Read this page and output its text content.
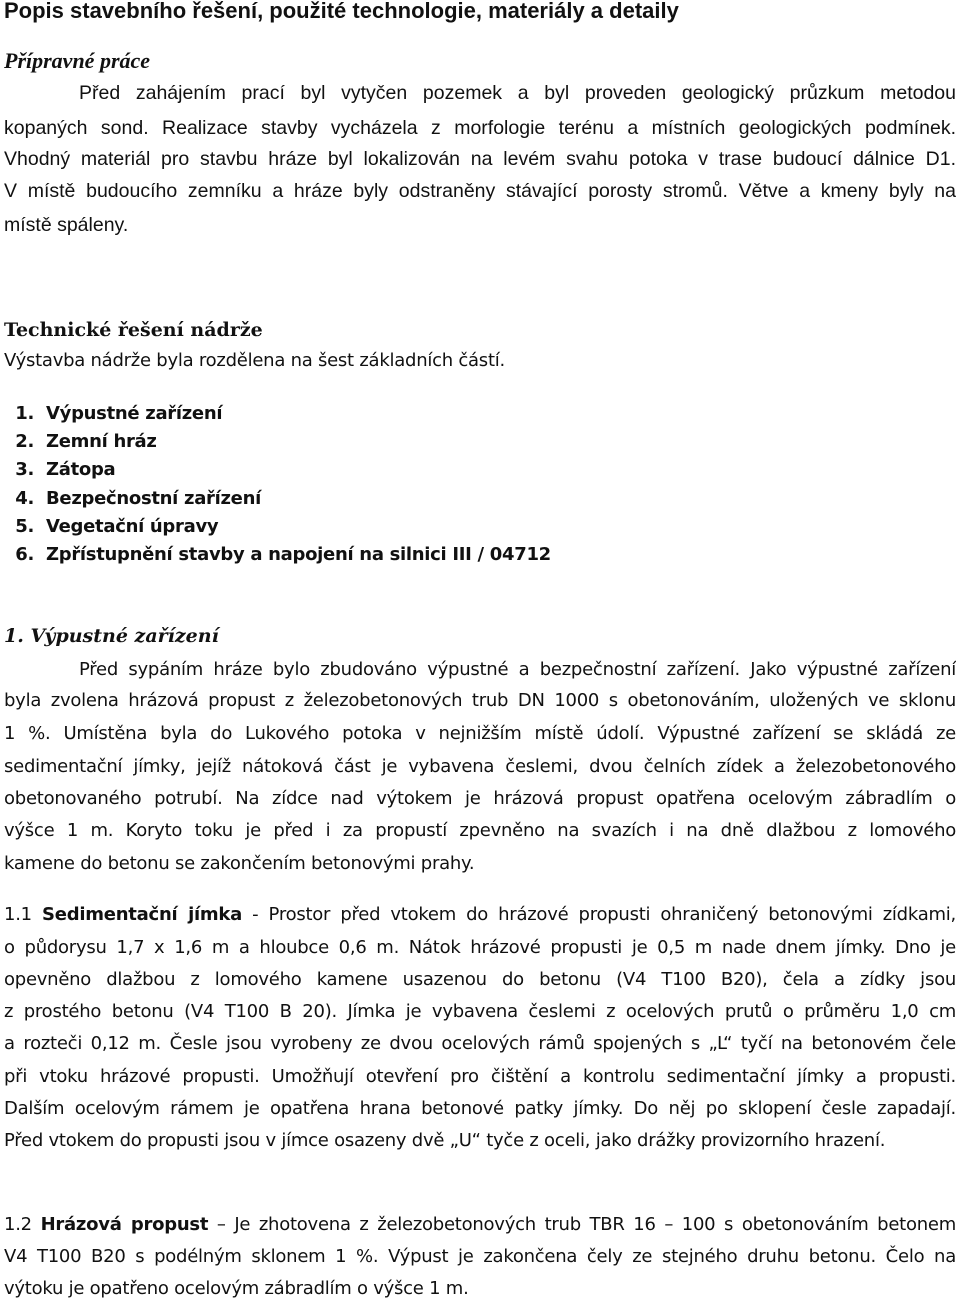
Popis stavebního řešení, použité technologie, materiály a detaily
Přípravné práce
Před zahájením prací byl vytyčen pozemek a byl proveden geologický průzkum metodou
kopaných sond. Realizace stavby vycházela z morfologie terénu a místních geologických podmínek.
Vhodný materiál pro stavbu hráze byl lokalizován na levém svahu potoka v trase budoucí dálnice D1.
V místě budoucího zemníku a hráze byly odstraněny stávající porosty stromů. Větve a kmeny byly na
místě spáleny.
Technické řešení nádrže
Výstavba nádrže byla rozdělena na šest základních částí.
1. Výpustné zařízení
2. Zemní hráz
3. Zátopa
4. Bezpečnostní zařízení
5. Vegetační úpravy
6. Zpřístupnění stavby a napojení na silnici III / 04712
1. Výpustné zařízení
Před sypáním hráze bylo zbudováno výpustné a bezpečnostní zařízení. Jako výpustné zařízení
byla zvolena hrázová propust z železobetonových trub DN 1000 s obetonováním, uložených ve sklonu
1 %. Umístěna byla do Lukového potoka v nejnižším místě údolí. Výpustné zařízení se skládá ze
sedimentační jímky, jejíž nátoková část je vybavena česlemi, dvou čelních zídek a železobetonového
obetonovaného potrubí. Na zídce nad výtokem je hrázová propust opatřena ocelovým zábradlím o
výšce 1 m. Koryto toku je před i za propustí zpevněno na svazích i na dně dlažbou z lomového
kamene do betonu se zakončením betonovými prahy.
1.1 Sedimentační jímka - Prostor před vtokem do hrázové propusti ohraničený betonovými zídkami,
o půdorysu 1,7 x 1,6 m a hloubce 0,6 m. Nátok hrázové propusti je 0,5 m nade dnem jímky. Dno je
opevněno dlažbou z lomového kamene usazenou do betonu (V4 T100 B20), čela a zídky jsou
z prostého betonu (V4 T100 B 20). Jímka je vybavena česlemi z ocelových prutů o průměru 1,0 cm
a rozteči 0,12 m. Česle jsou vyrobeny ze dvou ocelových rámů spojených s „L“ tyčí na betonovém čele
při vtoku hrázové propusti. Umožňují otevření pro čištění a kontrolu sedimentační jímky a propusti.
Dalším ocelovým rámem je opatřena hrana betonové patky jímky. Do něj po sklopení česle zapadají.
Před vtokem do propusti jsou v jímce osazeny dvě „U“ tyče z oceli, jako drážky provizorního hrazení.
1.2 Hrázová propust – Je zhotovena z železobetonových trub TBR 16 – 100 s obetonováním betonem
V4 T100 B20 s podélným sklonem 1 %. Výpust je zakončena čely ze stejného druhu betonu. Čelo na
výtoku je opatřeno ocelovým zábradlím o výšce 1 m.
